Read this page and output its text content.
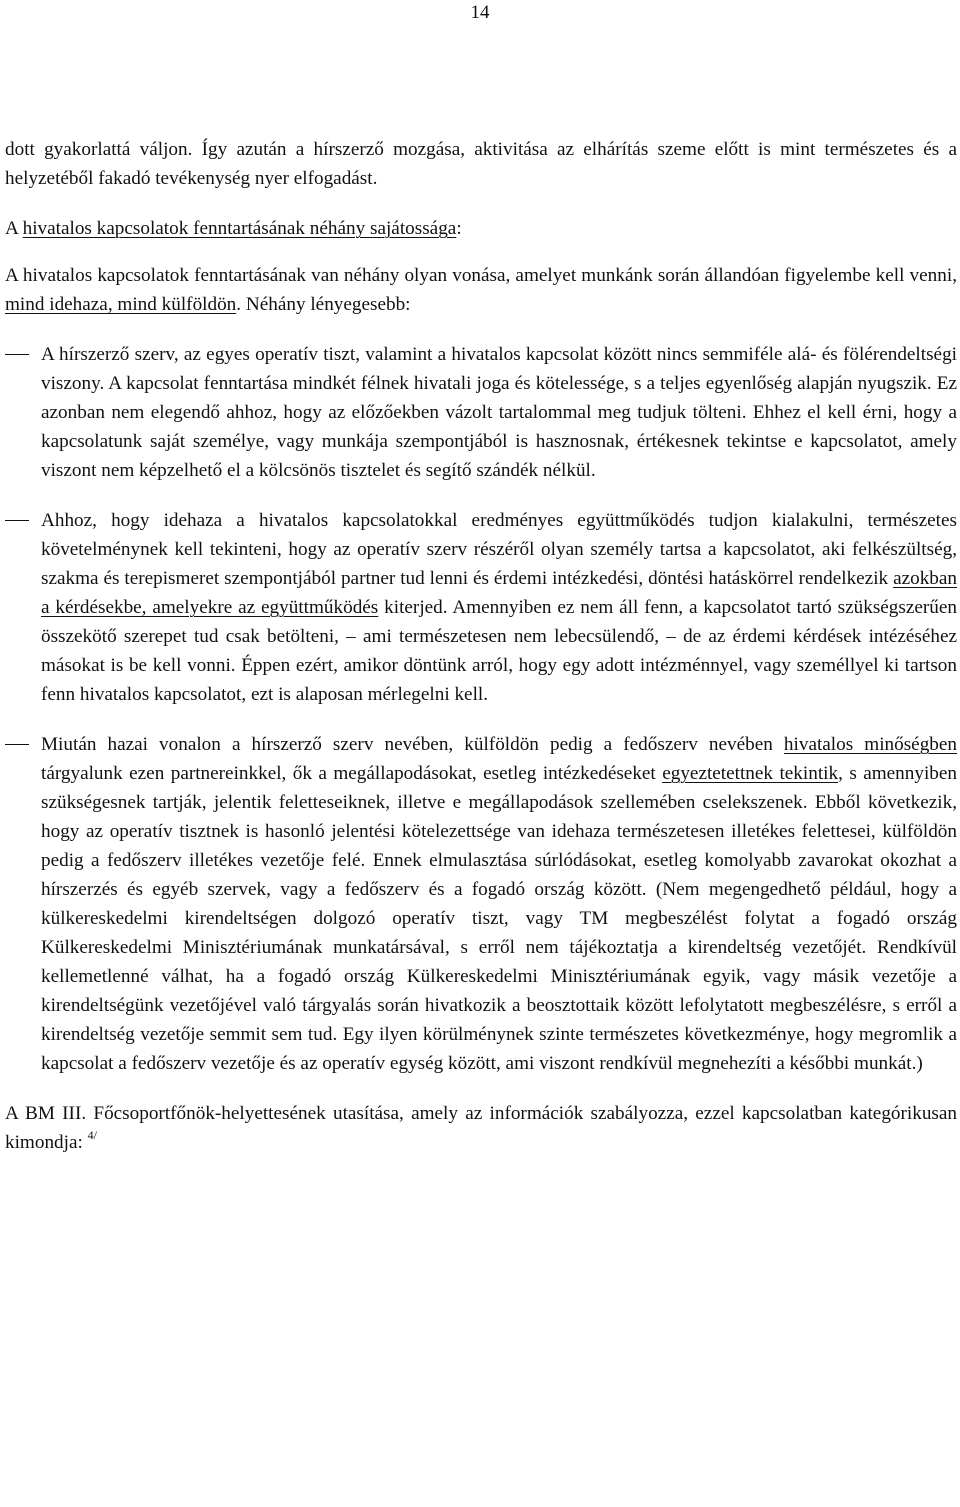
14

dott gyakorlattá váljon. Így azután a hírszerző mozgása, aktivitása az elhárítás szeme előtt is mint természetes és a helyzetéből fakadó tevékenység nyer elfogadást.

A hivatalos kapcsolatok fenntartásának néhány sajátossága:

A hivatalos kapcsolatok fenntartásának van néhány olyan vonása, amelyet munkánk során állandóan figyelembe kell venni, mind idehaza, mind külföldön. Néhány lényegesebb:

A hírszerző szerv, az egyes operatív tiszt, valamint a hivatalos kapcsolat között nincs semmiféle alá- és fölérendeltségi viszony. A kapcsolat fenntartása mindkét félnek hivatali joga és kötelessége, s a teljes egyenlőség alapján nyugszik. Ez azonban nem elegendő ahhoz, hogy az előzőekben vázolt tartalommal meg tudjuk tölteni. Ehhez el kell érni, hogy a kapcsolatunk saját személye, vagy munkája szempontjából is hasznosnak, értékesnek tekintse e kapcsolatot, amely viszont nem képzelhető el a kölcsönös tisztelet és segítő szándék nélkül.
Ahhoz, hogy idehaza a hivatalos kapcsolatokkal eredményes együttműködés tudjon kialakulni, természetes követelménynek kell tekinteni, hogy az operatív szerv részéről olyan személy tartsa a kapcsolatot, aki felkészültség, szakma és terepismeret szempontjából partner tud lenni és érdemi intézkedési, döntési hatáskörrel rendelkezik azokban a kérdésekbe, amelyekre az együttműködés kiterjed. Amennyiben ez nem áll fenn, a kapcsolatot tartó szükségszerűen összekötő szerepet tud csak betölteni, – ami természetesen nem lebecsülendő, – de az érdemi kérdések intézéséhez másokat is be kell vonni. Éppen ezért, amikor döntünk arról, hogy egy adott intézménnyel, vagy személlyel ki tartson fenn hivatalos kapcsolatot, ezt is alaposan mérlegelni kell.
Miután hazai vonalon a hírszerző szerv nevében, külföldön pedig a fedőszerv nevében hivatalos minőségben tárgyalunk ezen partnereinkkel, ők a megállapodásokat, esetleg intézkedéseket egyeztetettnek tekintik, s amennyiben szükségesnek tartják, jelentik feletteseiknek, illetve e megállapodások szellemében cselekszenek. Ebből következik, hogy az operatív tisztnek is hasonló jelentési kötelezettsége van idehaza természetesen illetékes felettesei, külföldön pedig a fedőszerv illetékes vezetője felé. Ennek elmulasztása súrlódásokat, esetleg komolyabb zavarokat okozhat a hírszerzés és egyéb szervek, vagy a fedőszerv és a fogadó ország között. (Nem megengedhető például, hogy a külkereskedelmi kirendeltségen dolgozó operatív tiszt, vagy TM megbeszélést folytat a fogadó ország Külkereskedelmi Minisztériumának munkatársával, s erről nem tájékoztatja a kirendeltség vezetőjét. Rendkívül kellemetlenné válhat, ha a fogadó ország Külkereskedelmi Minisztériumának egyik, vagy másik vezetője a kirendeltségünk vezetőjével való tárgyalás során hivatkozik a beosztottaik között lefolytatott megbeszélésre, s erről a kirendeltség vezetője semmit sem tud. Egy ilyen körülménynek szinte természetes következménye, hogy megromlik a kapcsolat a fedőszerv vezetője és az operatív egység között, ami viszont rendkívül megnehezíti a későbbi munkát.)

A BM III. Főcsoportfőnök-helyettesének utasítása, amely az információk szabályozza, ezzel kapcsolatban kategórikusan kimondja: $^{4/}$
